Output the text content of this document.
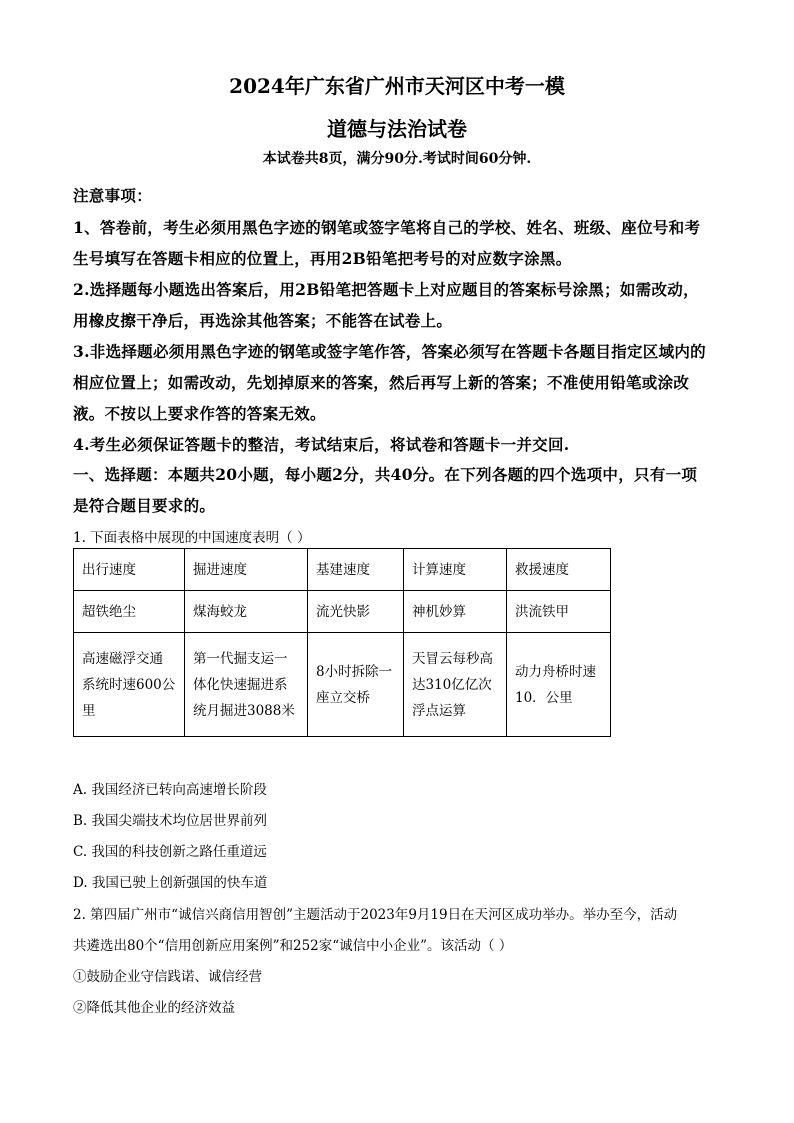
2024年广东省广州市天河区中考一模
道德与法治试卷
本试卷共8页，满分90分.考试时间60分钟.
注意事项：
1、答卷前，考生必须用黑色字迹的钢笔或签字笔将自己的学校、姓名、班级、座位号和考
生号填写在答题卡相应的位置上，再用2B铅笔把考号的对应数字涂黑。
2.选择题每小题选出答案后，用2B铅笔把答题卡上对应题目的答案标号涂黑；如需改动，
用橡皮擦干净后，再选涂其他答案；不能答在试卷上。
3.非选择题必须用黑色字迹的钢笔或签字笔作答，答案必须写在答题卡各题目指定区域内的
相应位置上；如需改动，先划掉原来的答案，然后再写上新的答案；不准使用铅笔或涂改
液。不按以上要求作答的答案无效。
4.考生必须保证答题卡的整洁，考试结束后，将试卷和答题卡一并交回.
一、选择题：本题共20小题，每小题2分，共40分。在下列各题的四个选项中，只有一项
是符合题目要求的。
1. 下面表格中展现的中国速度表明（ ）
出行速度	掘进速度	基建速度	计算速度	救援速度
超铁绝尘	煤海蛟龙	流光快影	神机妙算	洪流铁甲
高速磁浮交通系统时速600公里	第一代掘支运一体化快速掘进系统月掘进3088米	8小时拆除一座立交桥	天冒云每秒高达310亿亿次浮点运算	动力舟桥时速10．公里
A. 我国经济已转向高速增长阶段
B. 我国尖端技术均位居世界前列
C. 我国的科技创新之路任重道远
D. 我国已驶上创新强国的快车道
2. 第四届广州市“诚信兴商信用智创”主题活动于2023年9月19日在天河区成功举办。举办至今，活动
共遴选出80个“信用创新应用案例”和252家“诚信中小企业”。该活动（ ）
①鼓励企业守信践诺、诚信经营
②降低其他企业的经济效益
